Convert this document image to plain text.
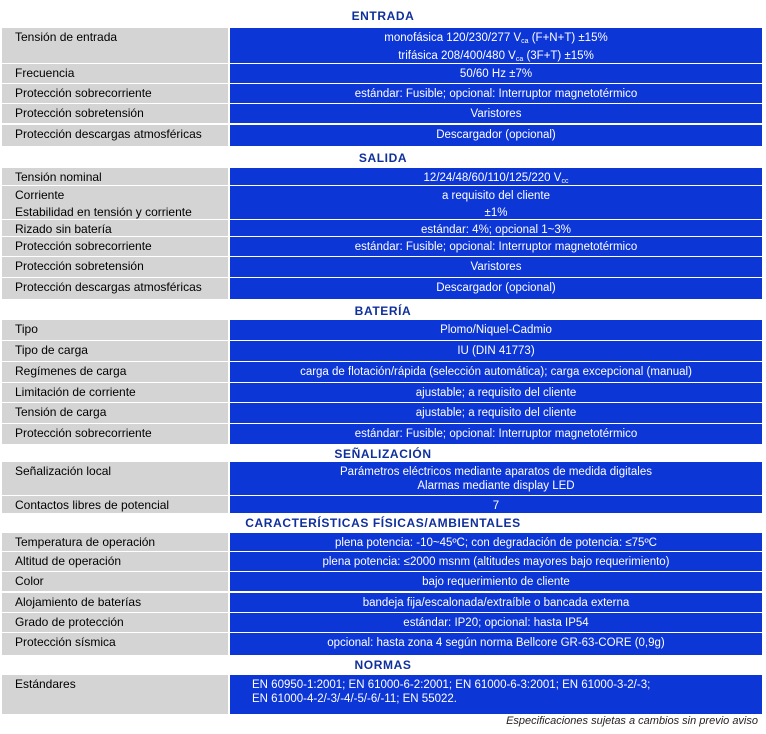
ENTRADA
Tensión de entrada	monofásica 120/230/277 $V_{ca}$ (F+N+T) ±15%
trifásica 208/400/480 $V_{ca}$ (3F+T) ±15%
Frecuencia	50/60 Hz ±7%
Protección sobrecorriente	estándar: Fusible; opcional: Interruptor magnetotérmico
Protección sobretensión	Varistores
Protección descargas atmosféricas	Descargador (opcional)
SALIDA
Tensión nominal	12/24/48/60/110/125/220 $V_{cc}$
Corriente	a requisito del cliente
Estabilidad en tensión y corriente	±1%
Rizado sin batería	estándar: 4%; opcional 1~3%
Protección sobrecorriente	estándar: Fusible; opcional: Interruptor magnetotérmico
Protección sobretensión	Varistores
Protección descargas atmosféricas	Descargador (opcional)
BATERÍA
Tipo	Plomo/Niquel-Cadmio
Tipo de carga	IU (DIN 41773)
Regímenes de carga	carga de flotación/rápida (selección automática); carga excepcional (manual)
Limitación de corriente	ajustable; a requisito del cliente
Tensión de carga	ajustable; a requisito del cliente
Protección sobrecorriente	estándar: Fusible; opcional: Interruptor magnetotérmico
SEÑALIZACIÓN
Señalización local	Parámetros eléctricos mediante aparatos de medida digitales
Alarmas mediante display LED
Contactos libres de potencial	7
CARACTERÍSTICAS FÍSICAS/AMBIENTALES
Temperatura de operación	plena potencia: -10~45ºC; con degradación de potencia: ≤75ºC
Altitud de operación	plena potencia: ≤2000 msnm (altitudes mayores bajo requerimiento)
Color	bajo requerimiento de cliente
Alojamiento de baterías	bandeja fija/escalonada/extraíble o bancada externa
Grado de protección	estándar: IP20; opcional: hasta IP54
Protección sísmica	opcional: hasta zona 4 según norma Bellcore GR-63-CORE (0,9g)
NORMAS
Estándares	EN 60950-1:2001; EN 61000-6-2:2001; EN 61000-6-3:2001; EN 61000-3-2/-3;
EN 61000-4-2/-3/-4/-5/-6/-11; EN 55022.
Especificaciones sujetas a cambios sin previo aviso
